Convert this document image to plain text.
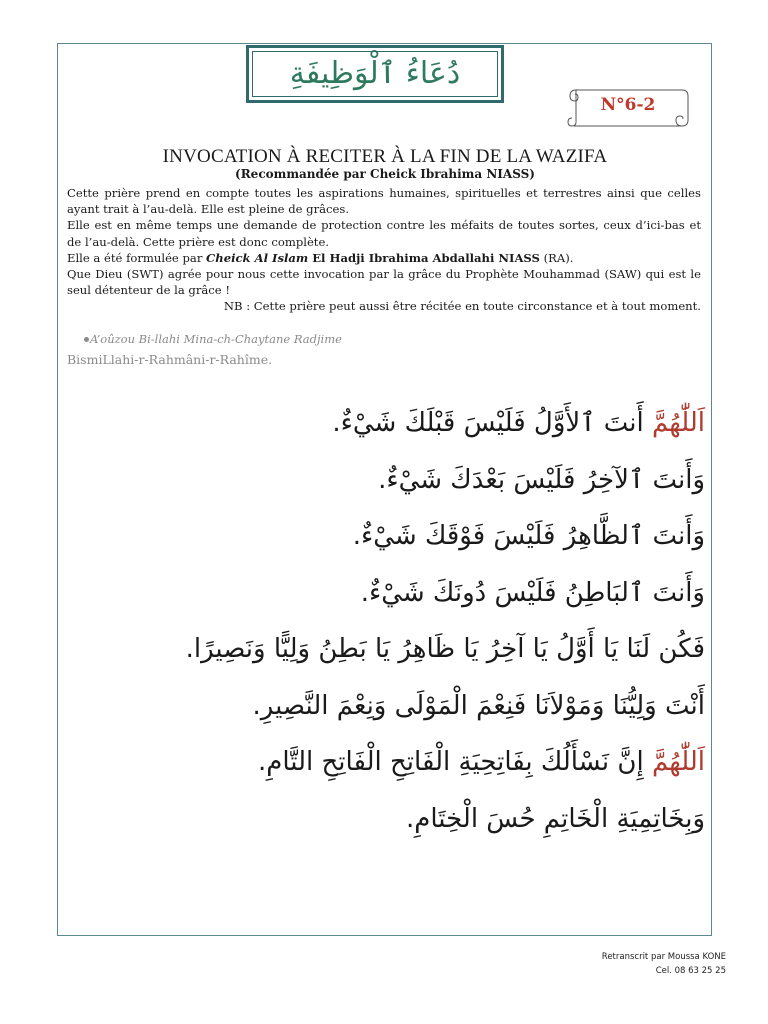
دُعَاءُ ٱلْوَظِيفَةِ
N°6-2
INVOCATION À RECITER À LA FIN DE LA WAZIFA
(Recommandée par Cheick Ibrahima NIASS)

Cette prière prend en compte toutes les aspirations humaines, spirituelles et terrestres ainsi que celles ayant trait à l’au-delà. Elle est pleine de grâces.

Elle est en même temps une demande de protection contre les méfaits de toutes sortes, ceux d’ici-bas et de l’au-delà. Cette prière est donc complète.

Elle a été formulée par Cheick Al Islam El Hadji Ibrahima Abdallahi NIASS (RA).

Que Dieu (SWT) agrée pour nous cette invocation par la grâce du Prophète Mouhammad (SAW) qui est le seul détenteur de la grâce !

NB : Cette prière peut aussi être récitée en toute circonstance et à tout moment.

A’oûzou Bi-llahi Mina-ch-Chaytane Radjime
BismiLlahi-r-Rahmâni-r-Rahîme.
اَللّٰهُمَّ أَنتَ ٱلأَوَّلُ فَلَيْسَ قَبْلَكَ شَيْءٌ.
وَأَنتَ ٱلآخِرُ فَلَيْسَ بَعْدَكَ شَيْءٌ.
وَأَنتَ ٱلظَّاهِرُ فَلَيْسَ فَوْقَكَ شَيْءٌ.
وَأَنتَ ٱلبَاطِنُ فَلَيْسَ دُونَكَ شَيْءٌ.
فَكُن لَنَا يَا أَوَّلُ يَا آخِرُ يَا ظَاهِرُ يَا بَطِنُ وَلِيًّا وَنَصِيرًا.
أَنْتَ وَلِيُّنَا وَمَوْلاَنَا فَنِعْمَ الْمَوْلَى وَنِعْمَ النَّصِيرِ.
اَللّٰهُمَّ إِنَّ نَسْأَلُكَ بِفَاتِحِيَةِ الْفَاتِحِ الْفَاتِحِ التَّامِ.
وَبِخَاتِمِيَةِ الْخَاتِمِ حُسَ الْخِتَامِ.
Retranscrit par Moussa KONE
Cel. 08 63 25 25
